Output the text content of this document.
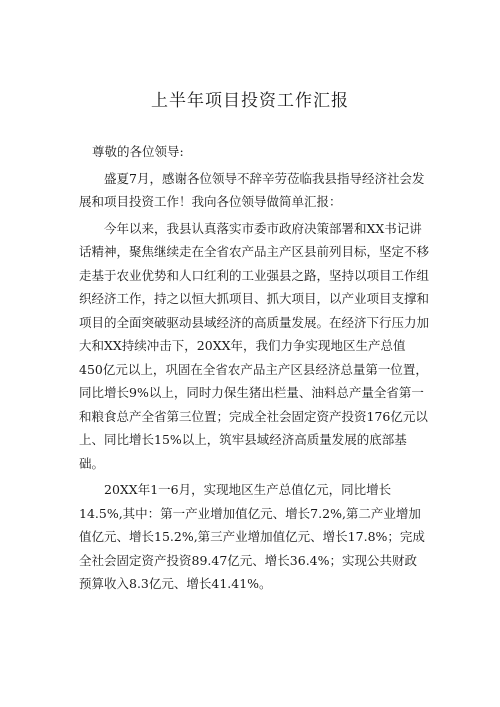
上半年项目投资工作汇报

尊敬的各位领导:

盛夏7月，感谢各位领导不辞辛劳莅临我县指导经济社会发展和项目投资工作！我向各位领导做简单汇报：

今年以来，我县认真落实市委市政府决策部署和XX书记讲话精神，聚焦继续走在全省农产品主产区县前列目标，坚定不移走基于农业优势和人口红利的工业强县之路，坚持以项目工作组织经济工作，持之以恒大抓项目、抓大项目，以产业项目支撑和项目的全面突破驱动县域经济的高质量发展。在经济下行压力加大和XX持续冲击下，20XX年，我们力争实现地区生产总值450亿元以上，巩固在全省农产品主产区县经济总量第一位置，同比增长9%以上，同时力保生猪出栏量、油料总产量全省第一和粮食总产全省第三位置；完成全社会固定资产投资176亿元以上、同比增长15%以上，筑牢县域经济高质量发展的底部基础。

20XX年1一6月，实现地区生产总值亿元，同比增长14.5%,其中：第一产业增加值亿元、增长7.2%,第二产业增加值亿元、增长15.2%,第三产业增加值亿元、增长17.8%；完成全社会固定资产投资89.47亿元、增长36.4%；实现公共财政预算收入8.3亿元、增长41.41%。
